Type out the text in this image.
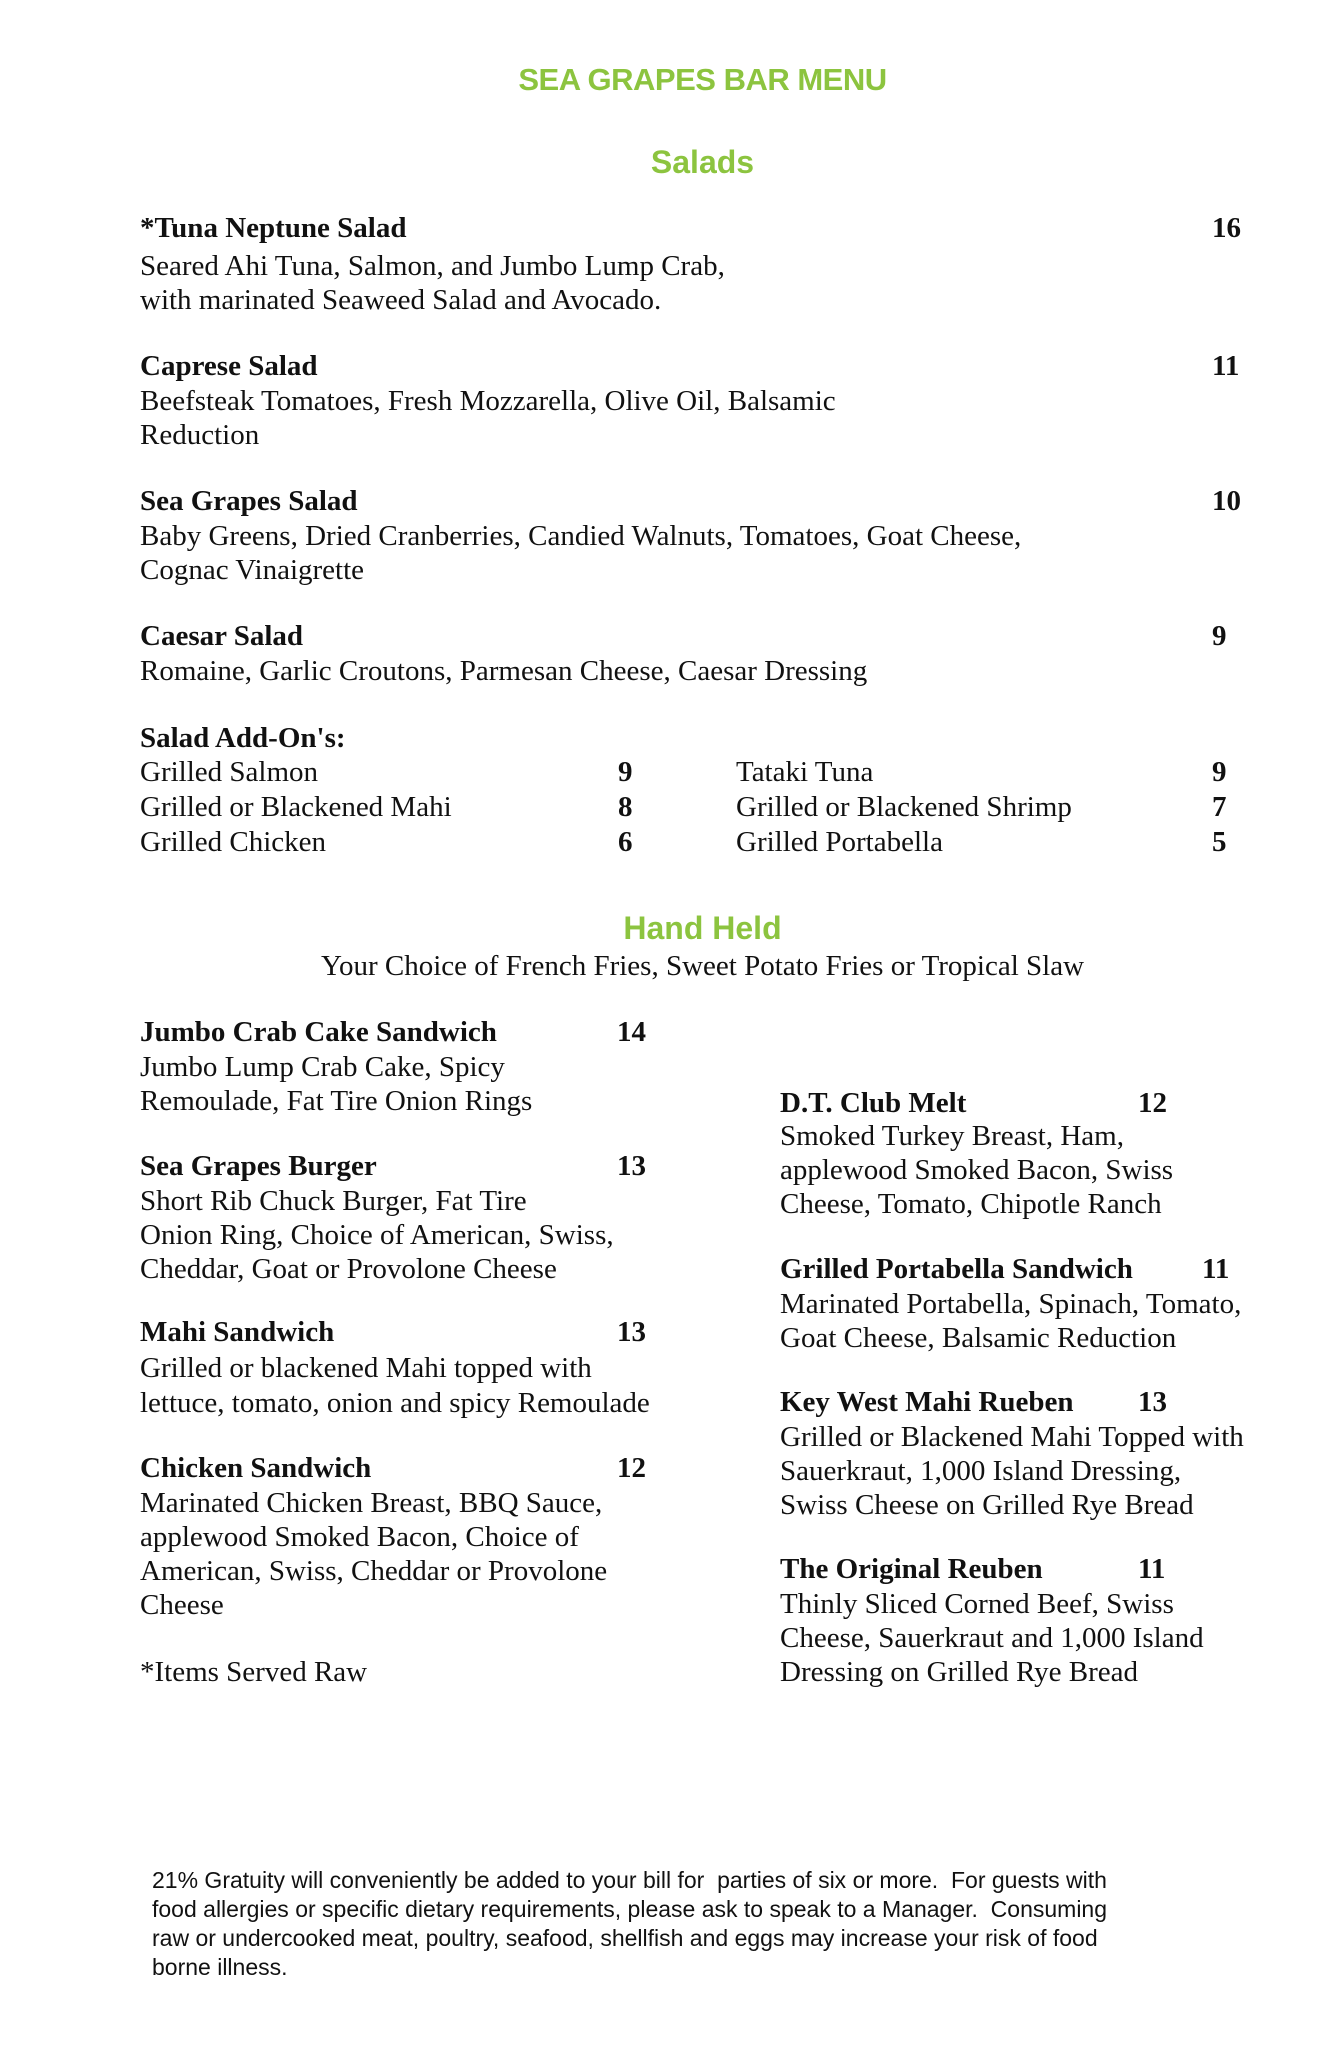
SEA GRAPES BAR MENU
Salads
*Tuna Neptune Salad	16
Seared Ahi Tuna, Salmon, and Jumbo Lump Crab,
with marinated Seaweed Salad and Avocado.
Caprese Salad	11
Beefsteak Tomatoes, Fresh Mozzarella, Olive Oil, Balsamic
Reduction
Sea Grapes Salad	10
Baby Greens, Dried Cranberries, Candied Walnuts, Tomatoes, Goat Cheese,
Cognac Vinaigrette
Caesar Salad	9
Romaine, Garlic Croutons, Parmesan Cheese, Caesar Dressing
Salad Add-On's:
Grilled Salmon	9
Grilled or Blackened Mahi	8
Grilled Chicken	6
Tataki Tuna	9
Grilled or Blackened Shrimp	7
Grilled Portabella	5
Hand Held
Your Choice of French Fries, Sweet Potato Fries or Tropical Slaw
Jumbo Crab Cake Sandwich	14
Jumbo Lump Crab Cake, Spicy
Remoulade, Fat Tire Onion Rings
Sea Grapes Burger	13
Short Rib Chuck Burger, Fat Tire
Onion Ring, Choice of American, Swiss,
Cheddar, Goat or Provolone Cheese
Mahi Sandwich	13
Grilled or blackened Mahi topped with
lettuce, tomato, onion and spicy Remoulade
Chicken Sandwich	12
Marinated Chicken Breast, BBQ Sauce,
applewood Smoked Bacon, Choice of
American, Swiss, Cheddar or Provolone
Cheese
*Items Served Raw
D.T. Club Melt	12
Smoked Turkey Breast, Ham,
applewood Smoked Bacon, Swiss
Cheese, Tomato, Chipotle Ranch
Grilled Portabella Sandwich 11
Marinated Portabella, Spinach, Tomato,
Goat Cheese, Balsamic Reduction
Key West Mahi Rueben 13
Grilled or Blackened Mahi Topped with
Sauerkraut, 1,000 Island Dressing,
Swiss Cheese on Grilled Rye Bread
The Original Reuben	11
Thinly Sliced Corned Beef, Swiss
Cheese, Sauerkraut and 1,000 Island
Dressing on Grilled Rye Bread
21% Gratuity will conveniently be added to your bill for  parties of six or more.  For guests with
food allergies or specific dietary requirements, please ask to speak to a Manager.  Consuming
raw or undercooked meat, poultry, seafood, shellfish and eggs may increase your risk of food
borne illness.
